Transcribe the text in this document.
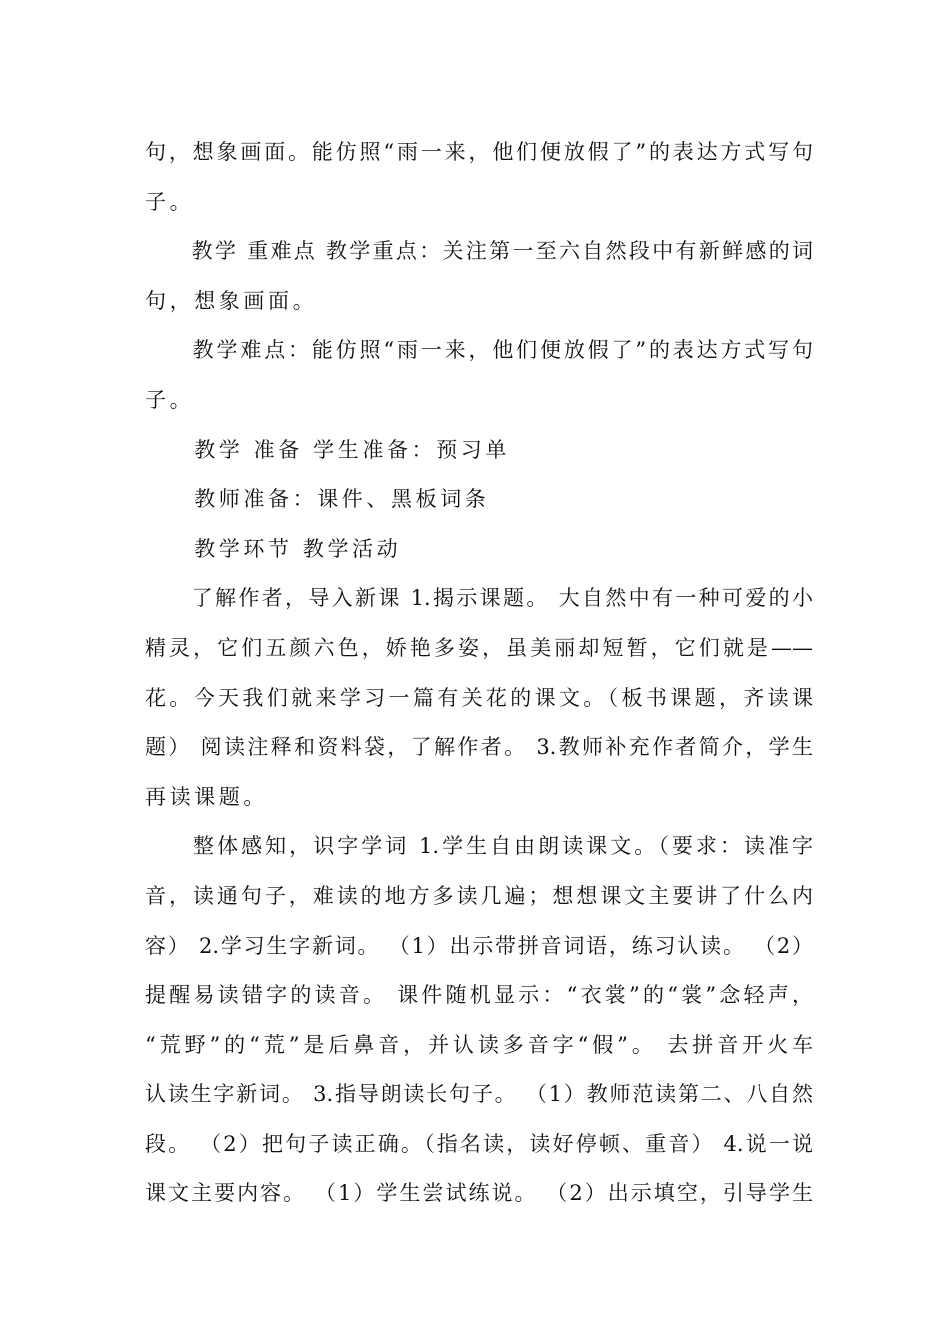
句，想象画面。能仿照“雨一来，他们便放假了”的表达方式写句
子。
　　教学 重难点 教学重点：关注第一至六自然段中有新鲜感的词
句，想象画面。
　　教学难点：能仿照“雨一来，他们便放假了”的表达方式写句
子。
　　教学 准备 学生准备：预习单
　　教师准备：课件、黑板词条
　　教学环节 教学活动
　　了解作者，导入新课 1.揭示课题。 大自然中有一种可爱的小
精灵，它们五颜六色，娇艳多姿，虽美丽却短暂，它们就是——
花。今天我们就来学习一篇有关花的课文。（板书课题，齐读课
题） 阅读注释和资料袋，了解作者。 3.教师补充作者简介，学生
再读课题。
　　整体感知，识字学词 1.学生自由朗读课文。（要求：读准字
音，读通句子，难读的地方多读几遍；想想课文主要讲了什么内
容） 2.学习生字新词。 （1）出示带拼音词语，练习认读。 （2）
提醒易读错字的读音。 课件随机显示：“衣裳”的“裳”念轻声，
“荒野”的“荒”是后鼻音，并认读多音字“假”。 去拼音开火车
认读生字新词。 3.指导朗读长句子。 （1）教师范读第二、八自然
段。 （2）把句子读正确。（指名读，读好停顿、重音） 4.说一说
课文主要内容。 （1）学生尝试练说。 （2）出示填空，引导学生
